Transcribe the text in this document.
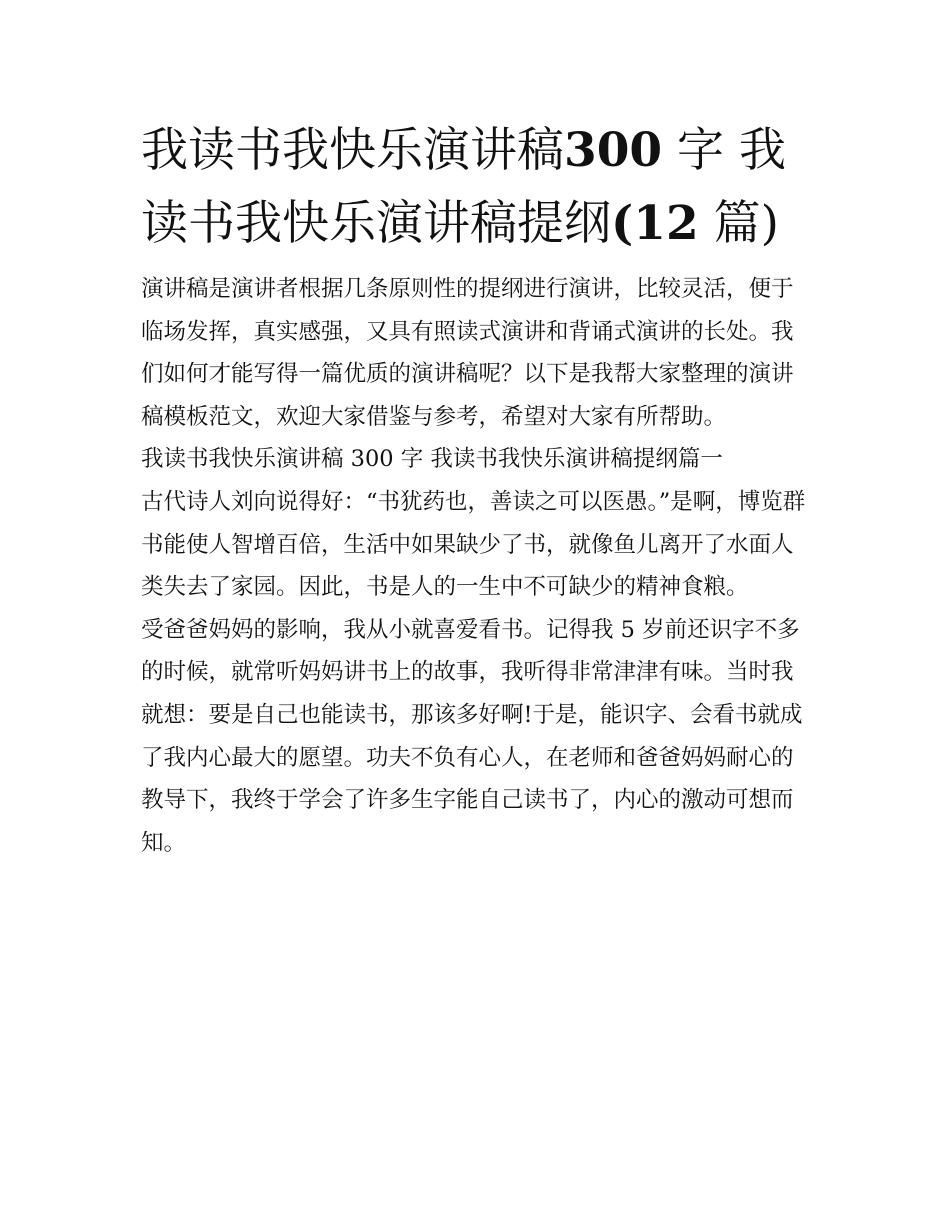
我读书我快乐演讲稿300 字 我读书我快乐演讲稿提纲(12 篇)

演讲稿是演讲者根据几条原则性的提纲进行演讲，比较灵活，便于临场发挥，真实感强，又具有照读式演讲和背诵式演讲的长处。我们如何才能写得一篇优质的演讲稿呢？以下是我帮大家整理的演讲稿模板范文，欢迎大家借鉴与参考，希望对大家有所帮助。

我读书我快乐演讲稿 300 字 我读书我快乐演讲稿提纲篇一

古代诗人刘向说得好：“书犹药也，善读之可以医愚。”是啊，博览群书能使人智增百倍，生活中如果缺少了书，就像鱼儿离开了水面人类失去了家园。因此，书是人的一生中不可缺少的精神食粮。

受爸爸妈妈的影响，我从小就喜爱看书。记得我 5 岁前还识字不多的时候，就常听妈妈讲书上的故事，我听得非常津津有味。当时我就想：要是自己也能读书，那该多好啊!于是，能识字、会看书就成了我内心最大的愿望。功夫不负有心人，在老师和爸爸妈妈耐心的教导下，我终于学会了许多生字能自己读书了，内心的激动可想而知。
